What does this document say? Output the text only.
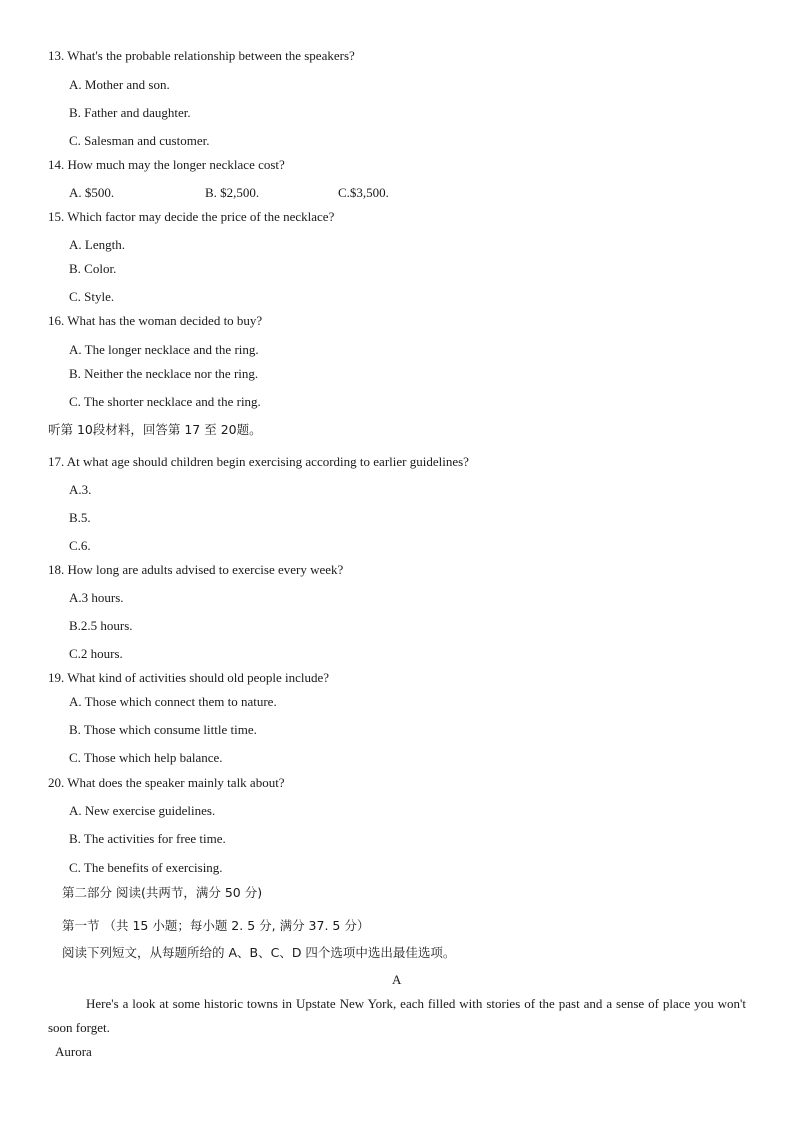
13. What's the probable relationship between the speakers?
A. Mother and son.
B. Father and daughter.
C. Salesman and customer.
14. How much may the longer necklace cost?
A. $500.	B. $2,500.	C.$3,500.
15. Which factor may decide the price of the necklace?
A. Length.
B. Color.
C. Style.
16. What has the woman decided to buy?
A. The longer necklace and the ring.
B. Neither the necklace nor the ring.
C. The shorter necklace and the ring.
听第 10段材料，回答第 17 至 20题。
17. At what age should children begin exercising according to earlier guidelines?
A.3.
B.5.
C.6.
18. How long are adults advised to exercise every week?
A.3 hours.
B.2.5 hours.
C.2 hours.
19. What kind of activities should old people include?
A. Those which connect them to nature.
B. Those which consume little time.
C. Those which help balance.
20. What does the speaker mainly talk about?
A. New exercise guidelines.
B. The activities for free time.
C. The benefits of exercising.
第二部分 阅读(共两节，满分 50 分)
第一节 （共 15 小题；每小题 2. 5 分, 满分 37. 5 分）
阅读下列短文，从每题所给的 A、B、C、D 四个选项中选出最佳选项。
A
Here's a look at some historic towns in Upstate New York, each filled with stories of the past and a sense of place you won't soon forget.
Aurora
